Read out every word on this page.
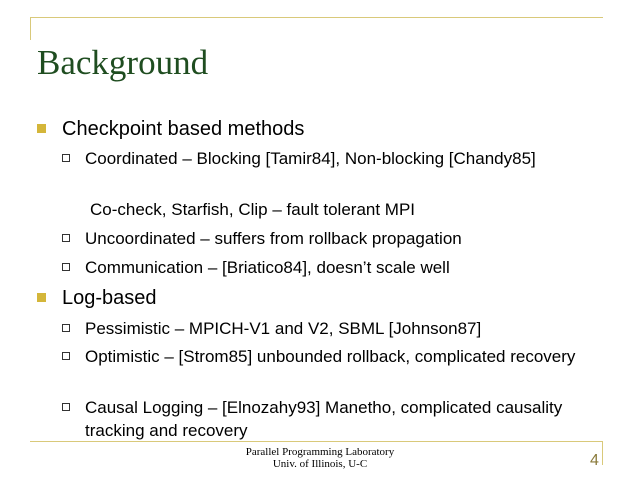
Background
Checkpoint based methods
Coordinated – Blocking [Tamir84], Non-blocking [Chandy85]
Co-check, Starfish, Clip – fault tolerant MPI
Uncoordinated – suffers from rollback propagation
Communication – [Briatico84], doesn’t scale well
Log-based
Pessimistic – MPICH-V1 and V2, SBML [Johnson87]
Optimistic – [Strom85] unbounded rollback, complicated recovery
Causal Logging – [Elnozahy93] Manetho, complicated causality tracking and recovery
Parallel Programming Laboratory
Univ. of Illinois, U-C	4
